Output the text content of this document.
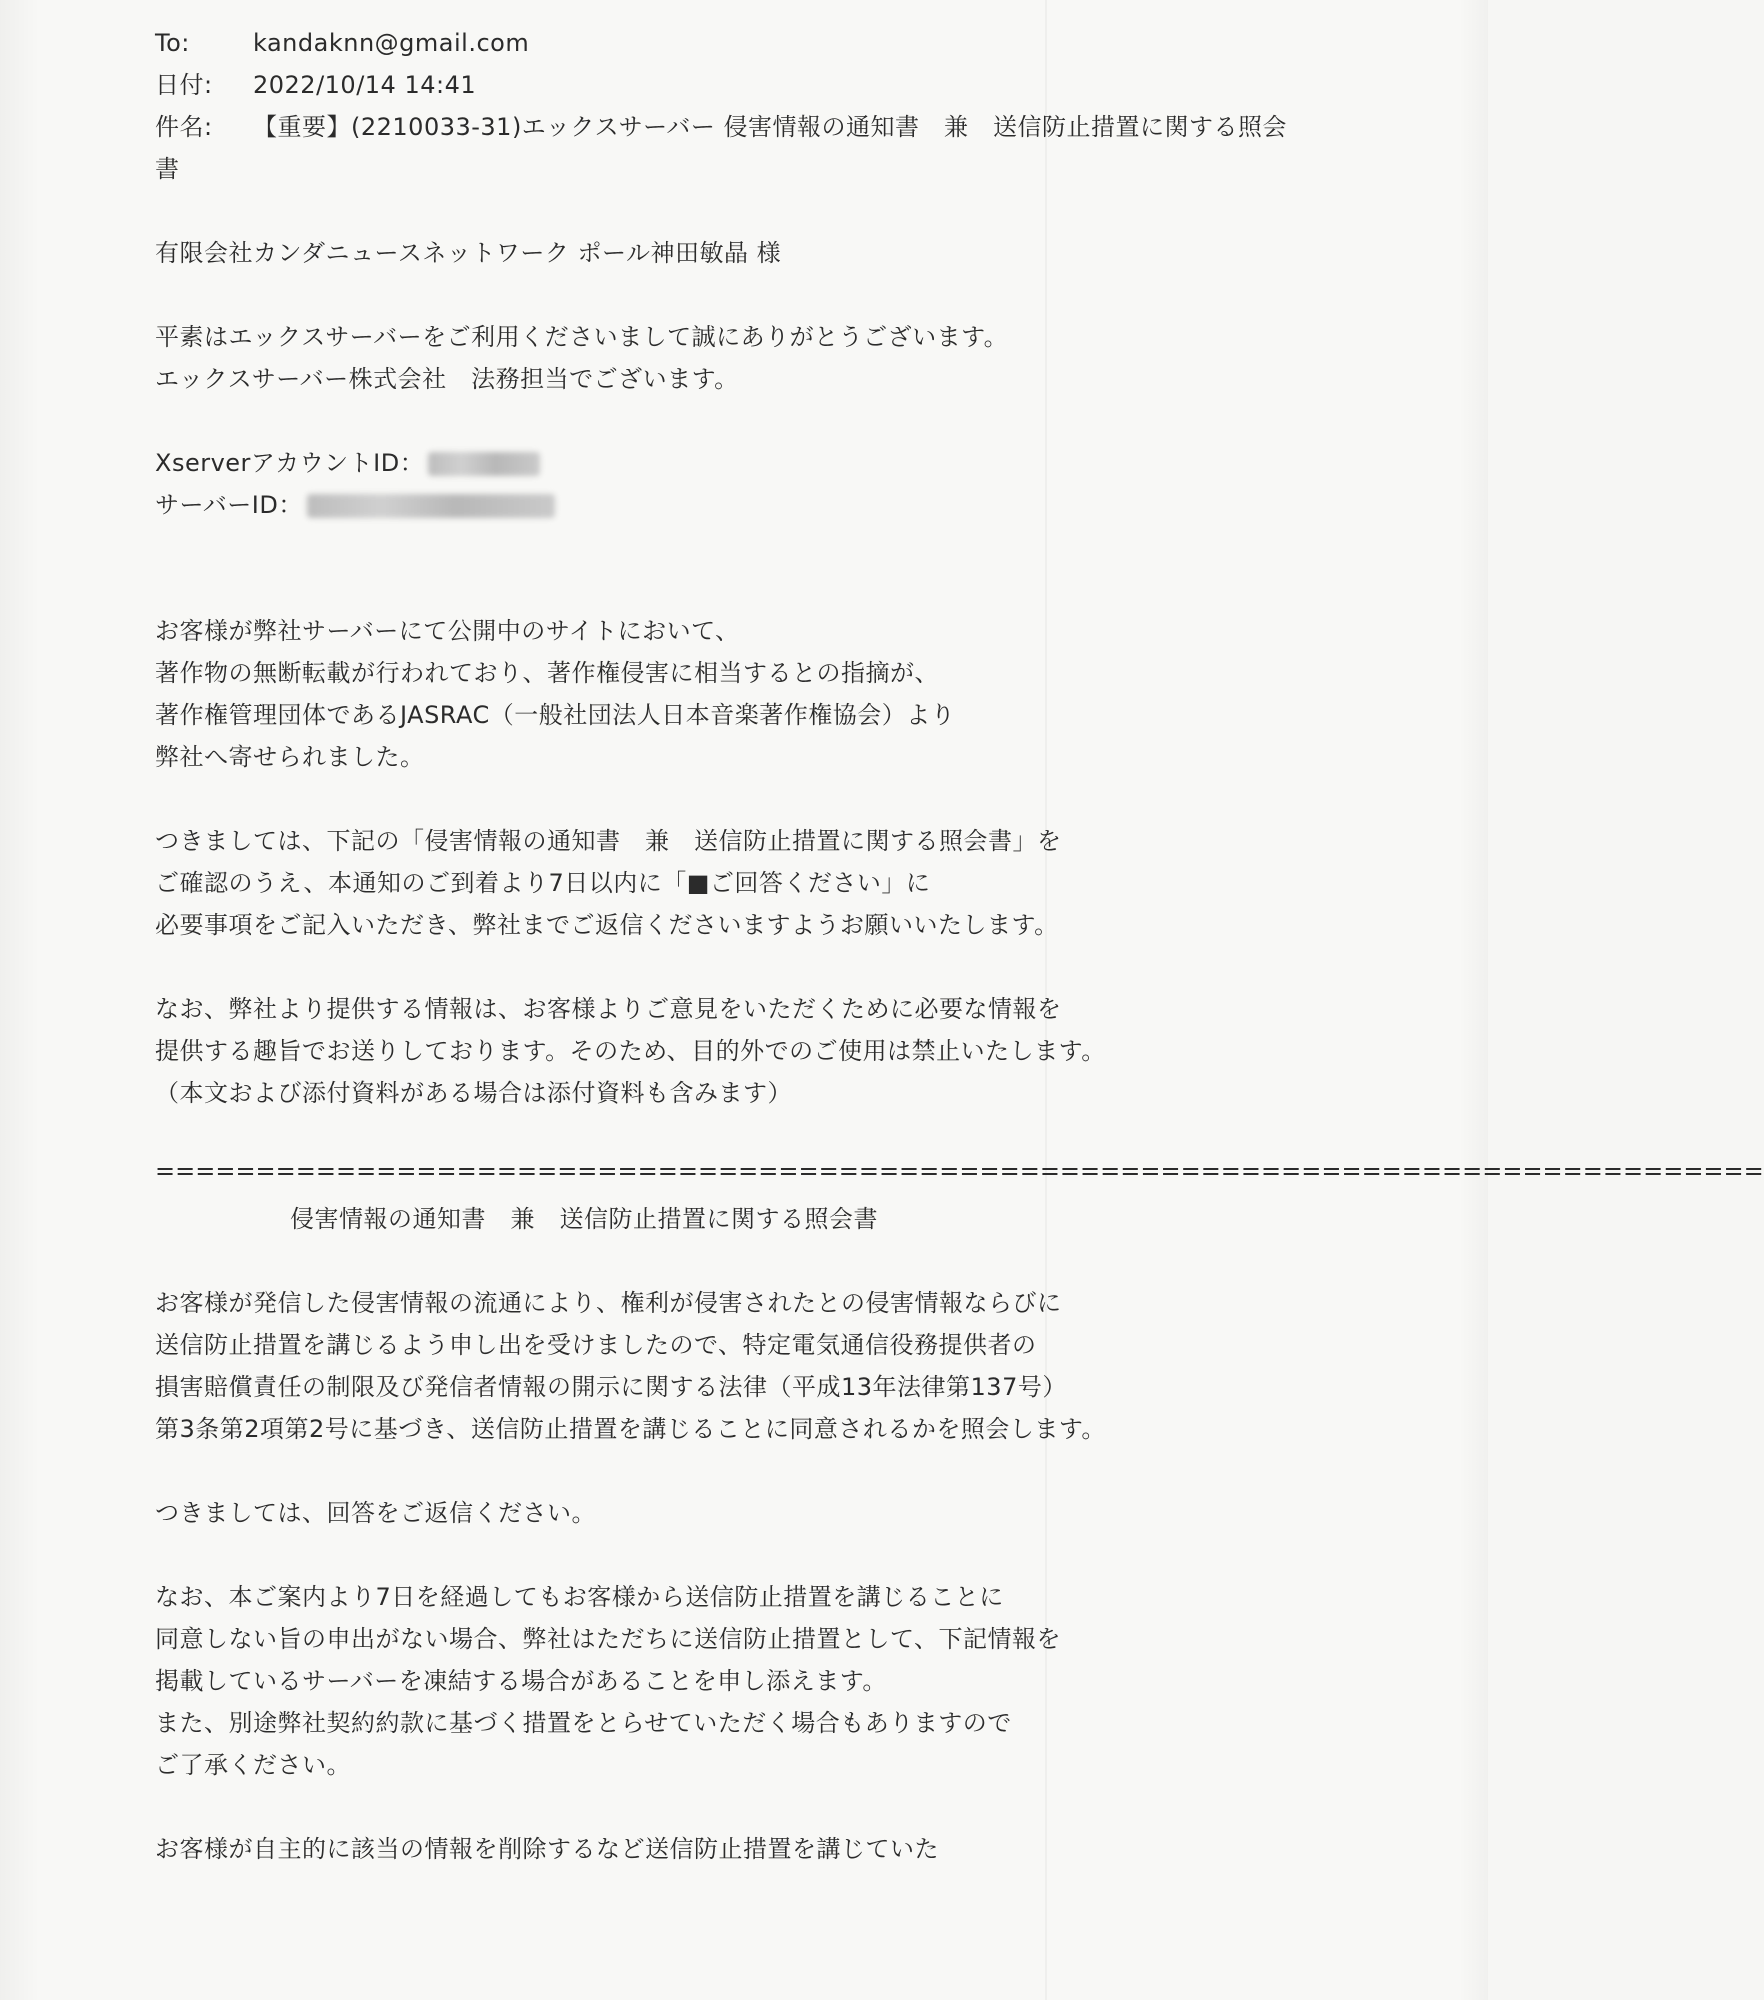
To:	kandaknn@gmail.com
日付:	2022/10/14 14:41
件名:	【重要】(2210033-31)エックスサーバー 侵害情報の通知書　兼　送信防止措置に関する照会
書
有限会社カンダニュースネットワーク ポール神田敏晶 様
平素はエックスサーバーをご利用くださいまして誠にありがとうございます。
エックスサーバー株式会社　法務担当でございます。
XserverアカウントID：
サーバーID：
お客様が弊社サーバーにて公開中のサイトにおいて、
著作物の無断転載が行われており、著作権侵害に相当するとの指摘が、
著作権管理団体であるJASRAC（一般社団法人日本音楽著作権協会）より
弊社へ寄せられました。
つきましては、下記の「侵害情報の通知書　兼　送信防止措置に関する照会書」を
ご確認のうえ、本通知のご到着より7日以内に「■ご回答ください」に
必要事項をご記入いただき、弊社までご返信くださいますようお願いいたします。
なお、弊社より提供する情報は、お客様よりご意見をいただくために必要な情報を
提供する趣旨でお送りしております。そのため、目的外でのご使用は禁止いたします。
（本文および添付資料がある場合は添付資料も含みます）
================================================================================
侵害情報の通知書　兼　送信防止措置に関する照会書
お客様が発信した侵害情報の流通により、権利が侵害されたとの侵害情報ならびに
送信防止措置を講じるよう申し出を受けましたので、特定電気通信役務提供者の
損害賠償責任の制限及び発信者情報の開示に関する法律（平成13年法律第137号）
第3条第2項第2号に基づき、送信防止措置を講じることに同意されるかを照会します。
つきましては、回答をご返信ください。
なお、本ご案内より7日を経過してもお客様から送信防止措置を講じることに
同意しない旨の申出がない場合、弊社はただちに送信防止措置として、下記情報を
掲載しているサーバーを凍結する場合があることを申し添えます。
また、別途弊社契約約款に基づく措置をとらせていただく場合もありますので
ご了承ください。
お客様が自主的に該当の情報を削除するなど送信防止措置を講じていた
